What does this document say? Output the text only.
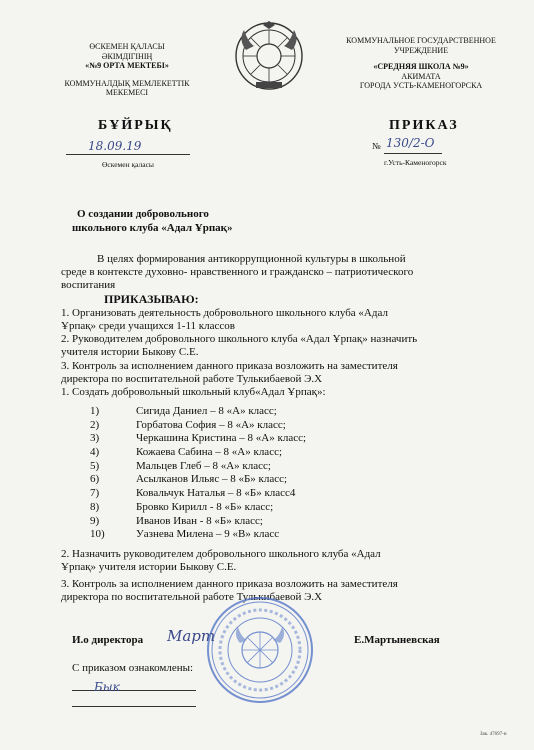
ӨСКЕМЕН ҚАЛАСЫ
ӘКІМДІГІНІҢ
«№9 ОРТА МЕКТЕБІ»
КОММУНАЛДЫҚ МЕМЛЕКЕТТІК
МЕКЕМЕСІ
КОММУНАЛЬНОЕ ГОСУДАРСТВЕННОЕ
УЧРЕЖДЕНИЕ
«СРЕДНЯЯ ШКОЛА №9»
АКИМАТА
ГОРОДА УСТЬ-КАМЕНОГОРСКА
БҰЙРЫҚ	ПРИКАЗ
18.09.19
Өскемен қаласы
№ 130/2-О
г.Усть-Каменогорск
О создании добровольного
школьного клуба «Адал Ұрпақ»
В целях формирования антикоррупционной культуры в школьной
среде в контексте духовно- нравственного и гражданско – патриотического
воспитания
ПРИКАЗЫВАЮ:
1. Организовать деятельность добровольного школьного клуба «Адал
Ұрпақ» среди учащихся 1-11 классов
2. Руководителем добровольного школьного клуба «Адал Ұрпақ» назначить
учителя истории Быкову С.Е.
3. Контроль за исполнением данного приказа возложить на заместителя
директора по воспитательной работе Тулькибаевой Э.Х
1. Создать добровольный школьный клуб«Адал Ұрпақ»:
1)	Сигида Даниел – 8 «А» класс;
2)	Горбатова София – 8 «А» класс;
3)	Черкашина Кристина – 8 «А» класс;
4)	Кожаева Сабина – 8 «А» класс;
5)	Мальцев Глеб – 8 «А» класс;
6)	Асылканов Ильяс – 8 «Б» класс;
7)	Ковальчук Наталья – 8 «Б» класс4
8)	Бровко Кирилл - 8 «Б» класс;
9)	Иванов Иван - 8 «Б» класс;
10)	Уазнева Милена – 9 «В» класс
2. Назначить руководителем добровольного школьного клуба «Адал
Ұрпақ» учителя истории Быкову С.Е.
3. Контроль за исполнением данного приказа возложить на заместителя
директора по воспитательной работе Тулькибаевой Э.Х
И.о директора Март	Е.Мартыневская
С приказом ознакомлены:
Бык
Зак. 47697-н
